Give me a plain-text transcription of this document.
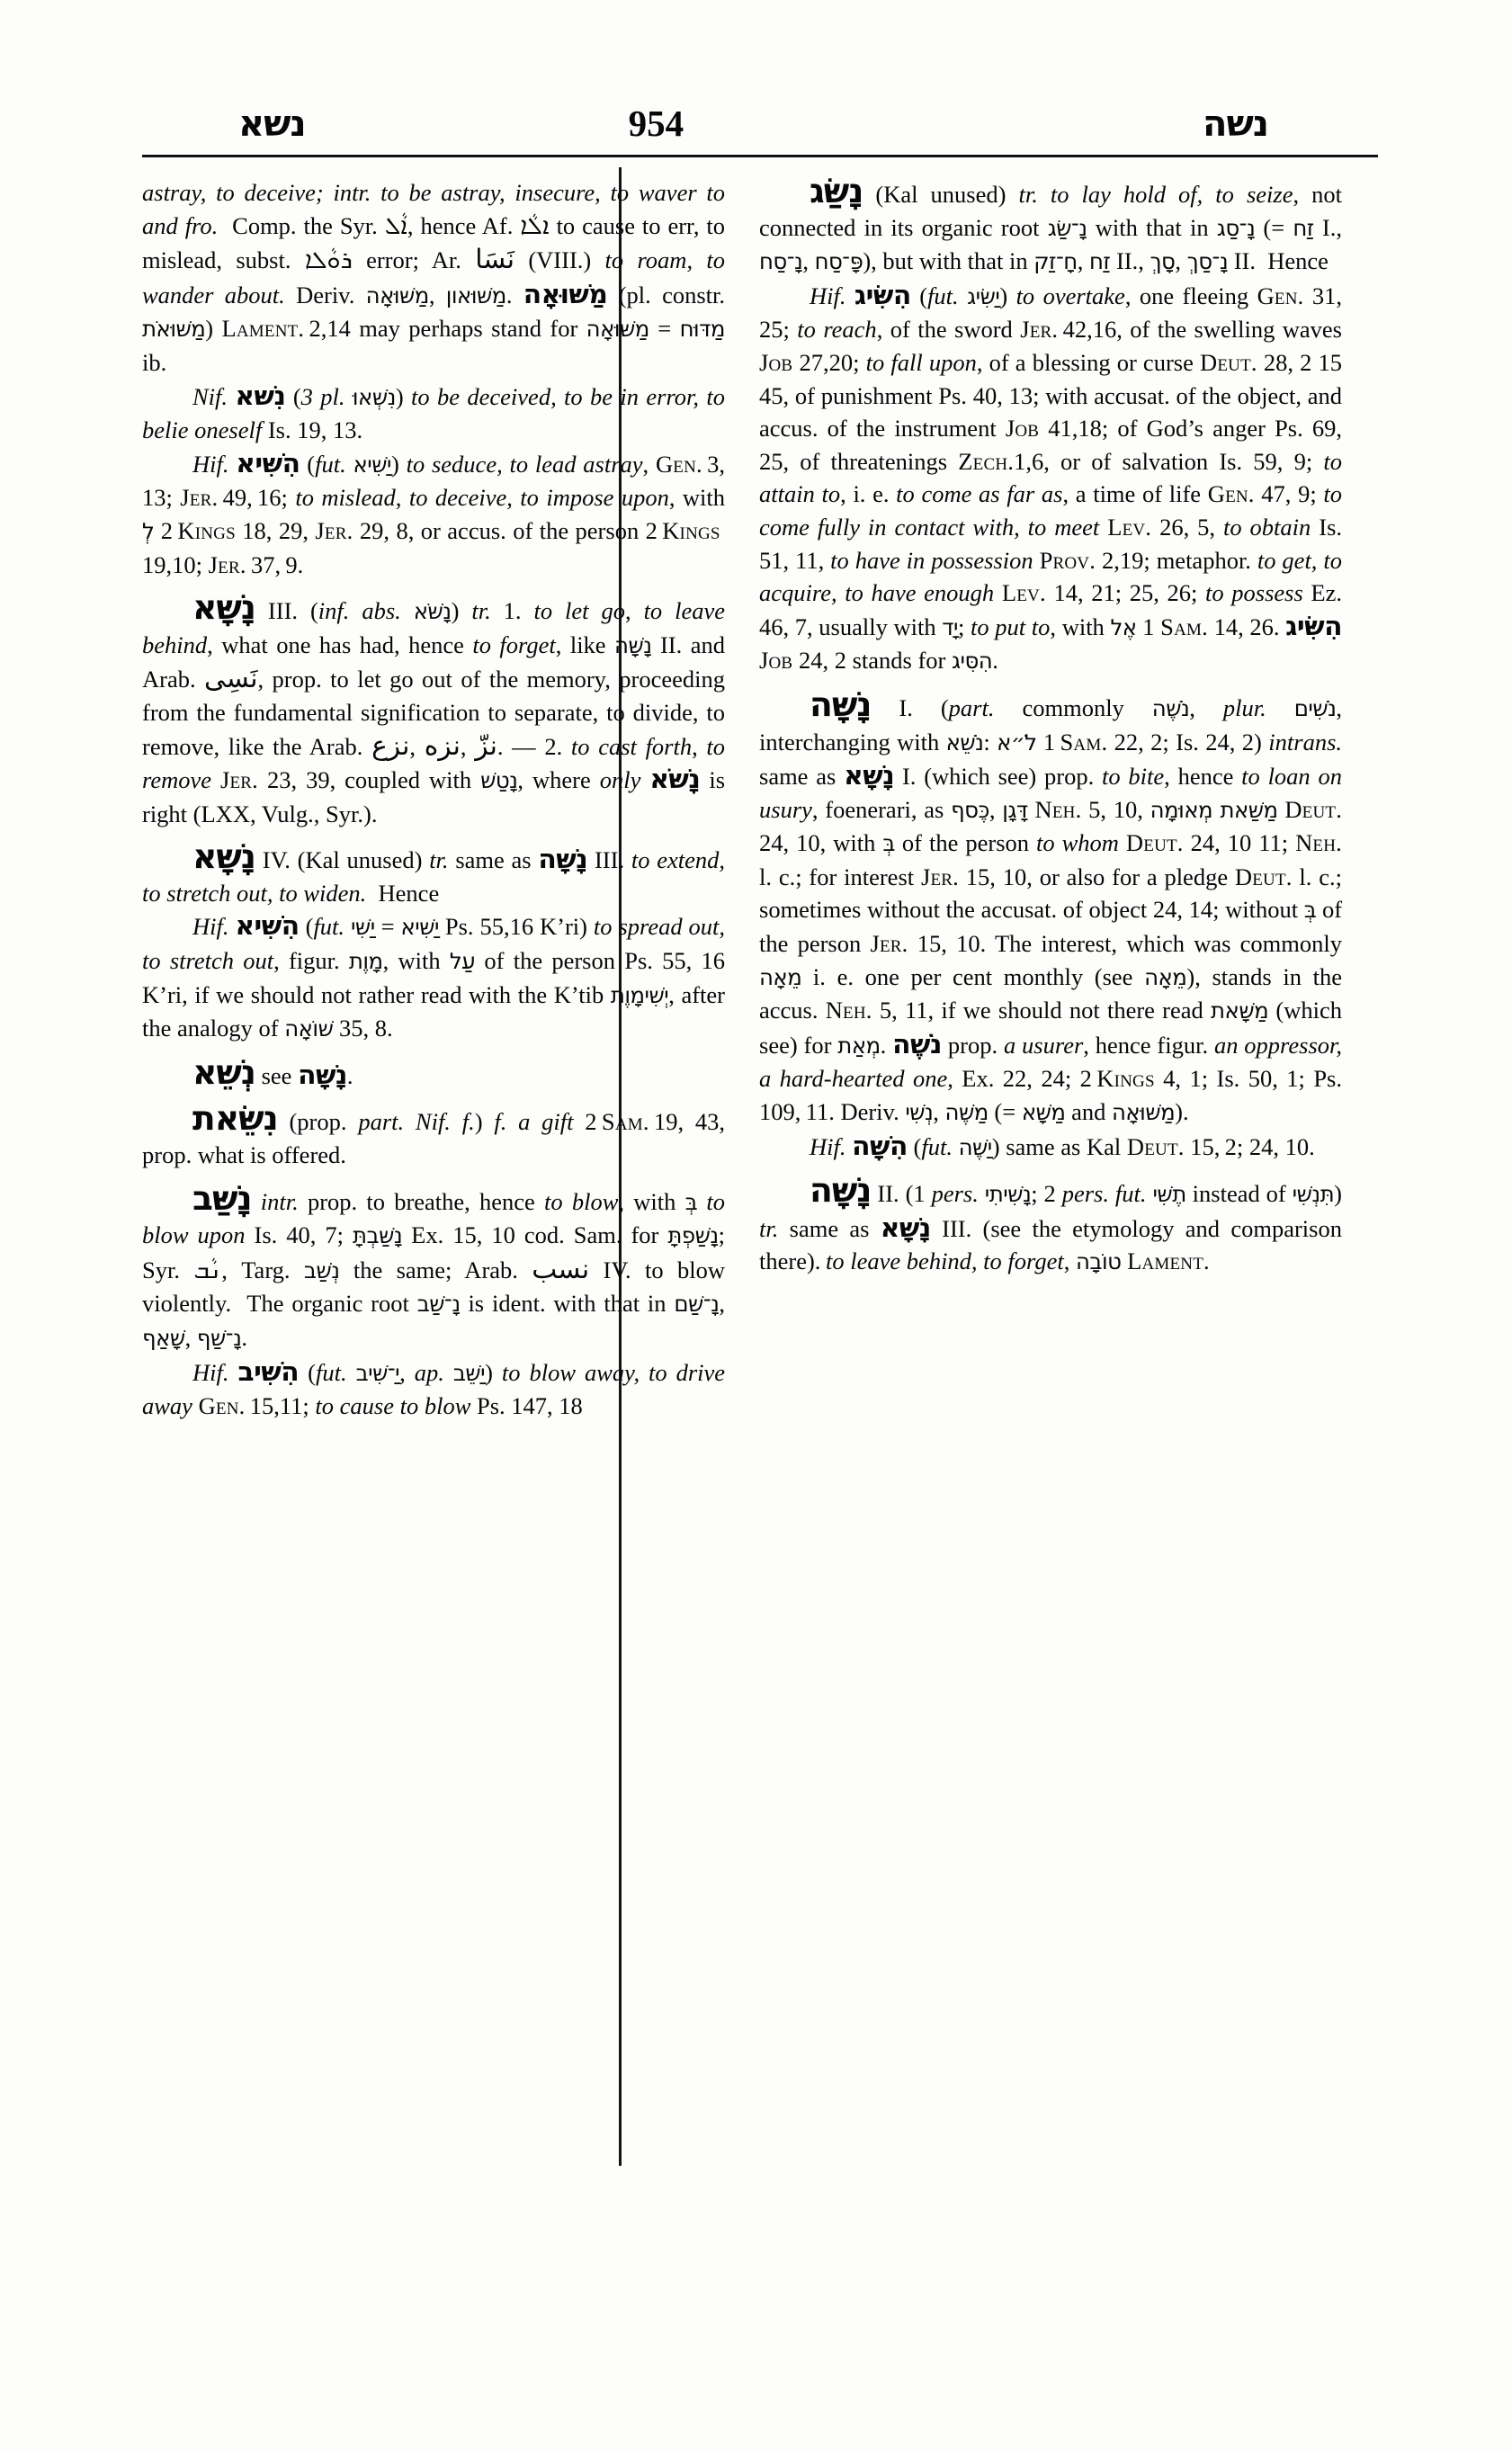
נשא	954	נשה

astray, to deceive; intr. to be astray, insecure, to waver to and fro.  Comp. the Syr. ܐܵܠ, hence Af. ܐܠܵܐ to cause to err, to mislead, subst. ܪܘܵܠܐ error; Ar. نَسَا (VIII.) to roam, to wander about. Deriv. מַשּׁוּאָה, מַשּׁוּאון. מַשּׁוּאָה (pl. constr. מַשּׁוּאֹת) Lament. 2,14 may perhaps stand for מַשּׁוּאָה = מַדּוּח ib.

Nif. נִשּׁא (3 pl. נִשְּׁאוּ) to be deceived, to be in error, to belie oneself Is. 19, 13.

Hif. הִשִּׁיא (fut. יַשִּׁיא) to seduce, to lead astray, Gen. 3, 13; Jer. 49, 16; to mislead, to deceive, to impose upon, with לְ 2 Kings 18, 29, Jer. 29, 8, or accus. of the person 2 Kings 19,10; Jer. 37, 9.

נָשָּׁא III. (inf. abs. נָשֹּׁא) tr. 1. to let go, to leave behind, what one has had, hence to forget, like נָשָּׁה II. and Arab. نَسِى, prop. to let go out of the memory, proceeding from the fundamental signification to separate, to divide, to remove, like the Arab. نزع, نزه, نزّ. — 2. to cast forth, to remove Jer. 23, 39, coupled with נָטַשׁ, where only נָשֹּׁא is right (LXX, Vulg., Syr.).

נָשָּׁא IV. (Kal unused) tr. same as נָשָּׁה III. to extend, to stretch out, to widen.  Hence

Hif. הִשִּׁיא (fut. יַשִּׁי = יַשִּׁיא Ps. 55,16 K’ri) to spread out, to stretch out, figur. מָוֶת, with עַל of the person Ps. 55, 16 K’ri, if we should not rather read with the K’tib יְשִׁימָוֶת, after the analogy of שׁוֹאָה 35, 8.

נְשֵּׁא see נָשָּׁה.

נִשֵּׂאת (prop. part. Nif. f.) f. a gift 2 Sam. 19, 43, prop. what is offered.

נָשַּׁב intr. prop. to breathe, hence to blow, with בְּ to blow upon Is. 40, 7; נָשַּׁבְתָּ Ex. 15, 10 cod. Sam. for נָשַׁפְתָּ; Syr. ܢܵܒ, Targ. נְשַׁב the same; Arab. نسب IV. to blow violently.  The organic root נָ־שַׁב is ident. with that in נָ־שַׁם, שָׁאַף, נָ־שַׁף.

Hif. הִשִּׁיב (fut. יַ־שִּׁיב, ap. יַשֵּׁב) to blow away, to drive away Gen. 15,11; to cause to blow Ps. 147, 18

נָשַּׂג (Kal unused) tr. to lay hold of, to seize, not connected in its organic root נָ־שַׂג with that in נָ־סַג (= זַח I., נָ־סַח, פָּ־סַח), but with that in חָ־זַק, זַח II., סָךְ, נָ־סַךְ II.  Hence

Hif. הִשִּׂיג (fut. יַשִּׂיג) to overtake, one fleeing Gen. 31, 25; to reach, of the sword Jer. 42,16, of the swelling waves Job 27,20; to fall upon, of a blessing or curse Deut. 28, 2 15 45, of punishment Ps. 40, 13; with accusat. of the object, and accus. of the instrument Job 41,18; of God’s anger Ps. 69, 25, of threatenings Zech.1,6, or of salvation Is. 59, 9; to attain to, i. e. to come as far as, a time of life Gen. 47, 9; to come fully in contact with, to meet Lev. 26, 5, to obtain Is. 51, 11, to have in possession Prov. 2,19; metaphor. to get, to acquire, to have enough Lev. 14, 21; 25, 26; to possess Ez. 46, 7, usually with יָד; to put to, with אֶל 1 Sam. 14, 26. הִשִּׂיג Job 24, 2 stands for הִסִּיג.

נָשָּׁה I. (part. commonly נֹשֶׁה, plur. נֹשִׁים, interchanging with נֹשֵׁא: לֹ״א 1 Sam. 22, 2; Is. 24, 2) intrans. same as נָשָּׁא I. (which see) prop. to bite, hence to loan on usury, foenerari, as כֶּסף, דָּגָן Neh. 5, 10, מַשַּׁאת מְאוּמָה Deut. 24, 10, with בְּ of the person to whom Deut. 24, 10 11; Neh. l. c.; for interest Jer. 15, 10, or also for a pledge Deut. l. c.; sometimes without the accusat. of object 24, 14; without בְּ of the person Jer. 15, 10. The interest, which was commonly מֵאָה i. e. one per cent monthly (see מֵאָה), stands in the accus. Neh. 5, 11, if we should not there read מַשָּׁאת (which see) for מְאַת. נֹשֶׁה prop. a usurer, hence figur. an oppressor, a hard-hearted one, Ex. 22, 24; 2 Kings 4, 1; Is. 50, 1; Ps. 109, 11. Deriv. נְשִׁי, מַשֶּׁה (= מַשָּׁא and מַשּׁוּאָה).

Hif. הִשָּׁה (fut. יַשֶּׁה) same as Kal Deut. 15, 2; 24, 10.

נָשָּׁה II. (1 pers. נָשִׁיתִי; 2 pers. fut. תֶשִּׁי instead of תִּנְשִׁי) tr. same as נָשָּׁא III. (see the etymology and comparison there). to leave behind, to forget, טוֹבָה Lament.
